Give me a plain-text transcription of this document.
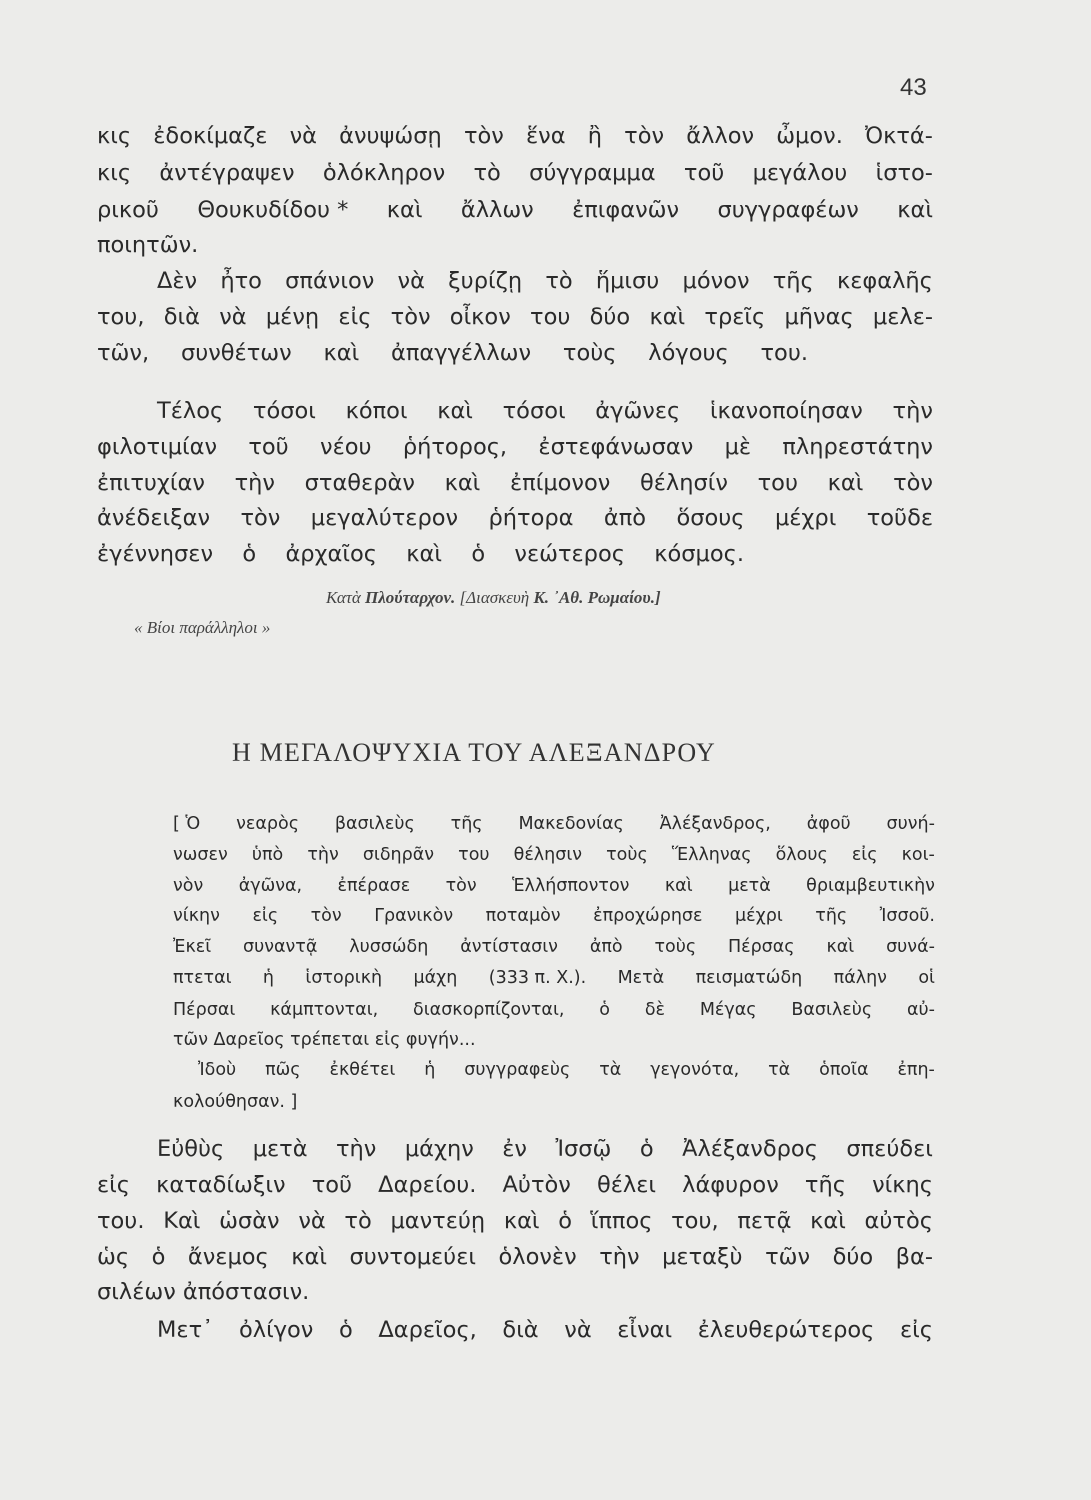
43
κις ἐδοκίμαζε νὰ ἀνυψώσῃ τὸν ἕνα ἢ τὸν ἄλλον ὦμον. Ὀκτά-
κις ἀντέγραψεν ὁλόκληρον τὸ σύγγραμμα τοῦ μεγάλου ἱστο-
ρικοῦ Θουκυδίδου * καὶ ἄλλων ἐπιφανῶν συγγραφέων καὶ
ποιητῶν.
Δὲν ἦτο σπάνιον νὰ ξυρίζῃ τὸ ἥμισυ μόνον τῆς κεφαλῆς
του, διὰ νὰ μένῃ εἰς τὸν οἶκον του δύο καὶ τρεῖς μῆνας μελε-
τῶν, συνθέτων καὶ ἀπαγγέλλων τοὺς λόγους του.
Τέλος τόσοι κόποι καὶ τόσοι ἀγῶνες ἱκανοποίησαν τὴν
φιλοτιμίαν τοῦ νέου ῥήτορος, ἐστεφάνωσαν μὲ πληρεστάτην
ἐπιτυχίαν τὴν σταθερὰν καὶ ἐπίμονον θέλησίν του καὶ τὸν
ἀνέδειξαν τὸν μεγαλύτερον ῥήτορα ἀπὸ ὅσους μέχρι τοῦδε
ἐγέννησεν ὁ ἀρχαῖος καὶ ὁ νεώτερος κόσμος.
Κατὰ Πλούταρχον. [Διασκευὴ Κ. ᾿Αθ. Ρωμαίου.]
« Βίοι παράλληλοι »
Η ΜΕΓΑΛΟΨΥΧΙΑ ΤΟΥ ΑΛΕΞΑΝΔΡΟΥ
[ Ὁ νεαρὸς βασιλεὺς τῆς Μακεδονίας Ἀλέξανδρος, ἀφοῦ συνή-
νωσεν ὑπὸ τὴν σιδηρᾶν του θέλησιν τοὺς Ἕλληνας ὅλους εἰς κοι-
νὸν ἀγῶνα, ἐπέρασε τὸν Ἑλλήσποντον καὶ μετὰ θριαμβευτικὴν
νίκην εἰς τὸν Γρανικὸν ποταμὸν ἐπροχώρησε μέχρι τῆς Ἰσσοῦ.
Ἐκεῖ συναντᾷ λυσσώδη ἀντίστασιν ἀπὸ τοὺς Πέρσας καὶ συνά-
πτεται ἡ ἱστορικὴ μάχη (333 π. Χ.). Μετὰ πεισματώδη πάλην οἱ
Πέρσαι κάμπτονται, διασκορπίζονται, ὁ δὲ Μέγας Βασιλεὺς αὐ-
τῶν Δαρεῖος τρέπεται εἰς φυγήν...
Ἰδοὺ πῶς ἐκθέτει ἡ συγγραφεὺς τὰ γεγονότα, τὰ ὁποῖα ἐπη-
κολούθησαν. ]
Εὐθὺς μετὰ τὴν μάχην ἐν Ἰσσῷ ὁ Ἀλέξανδρος σπεύδει
εἰς καταδίωξιν τοῦ Δαρείου. Αὐτὸν θέλει λάφυρον τῆς νίκης
του. Καὶ ὡσὰν νὰ τὸ μαντεύῃ καὶ ὁ ἵππος του, πετᾷ καὶ αὐτὸς
ὡς ὁ ἄνεμος καὶ συντομεύει ὁλονὲν τὴν μεταξὺ τῶν δύο βα-
σιλέων ἀπόστασιν.
Μετ᾿ ὀλίγον ὁ Δαρεῖος, διὰ νὰ εἶναι ἐλευθερώτερος εἰς
